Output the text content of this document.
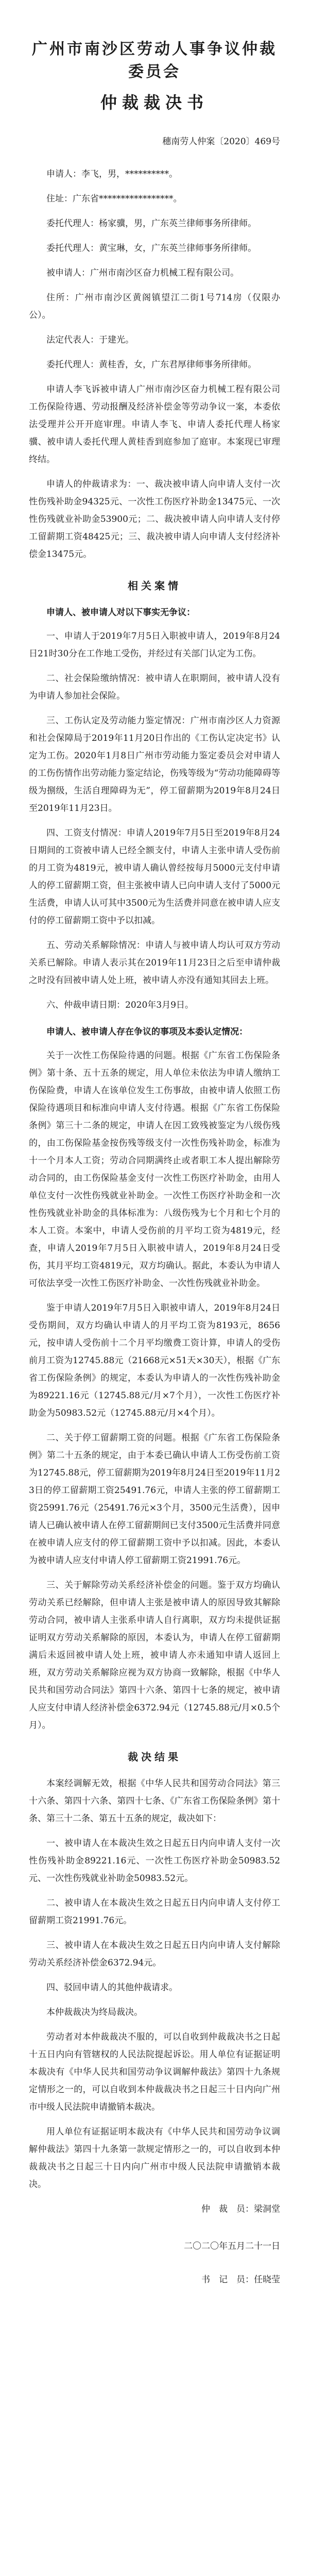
广州市南沙区劳动人事争议仲裁委员会
仲裁裁决书
穗南劳人仲案〔2020〕469号

申请人：李飞，男，**********。

住址：广东省*****************。

委托代理人：杨家骥，男，广东英兰律师事务所律师。

委托代理人：黄宝琳，女，广东英兰律师事务所律师。

被申请人：广州市南沙区奋力机械工程有限公司。

住所：广州市南沙区黄阁镇望江二街1号714房（仅限办公）。

法定代表人：于建光。

委托代理人：黄桂香，女，广东君厚律师事务所律师。

申请人李飞诉被申请人广州市南沙区奋力机械工程有限公司工伤保险待遇、劳动报酬及经济补偿金等劳动争议一案，本委依法受理并公开开庭审理。申请人李飞、申请人委托代理人杨家骥、被申请人委托代理人黄桂香到庭参加了庭审。本案现已审理终结。

申请人的仲裁请求为：一、裁决被申请人向申请人支付一次性伤残补助金94325元、一次性工伤医疗补助金13475元、一次性伤残就业补助金53900元；二、裁决被申请人向申请人支付停工留薪期工资48425元；三、裁决被申请人向申请人支付经济补偿金13475元。

相关案情
申请人、被申请人对以下事实无争议：

一、申请人于2019年7月5日入职被申请人，2019年8月24日21时30分在工作地工受伤，并经过有关部门认定为工伤。

二、社会保险缴纳情况：被申请人在职期间，被申请人没有为申请人参加社会保险。

三、工伤认定及劳动能力鉴定情况：广州市南沙区人力资源和社会保障局于2019年11月20日作出的《工伤认定决定书》认定为工伤。2020年1月8日广州市劳动能力鉴定委员会对申请人的工伤伤情作出劳动能力鉴定结论，伤残等级为“劳动功能障碍等级为捌级，生活自理障碍为无”，停工留薪期为2019年8月24日至2019年11月23日。

四、工资支付情况：申请人2019年7月5日至2019年8月24日期间的工资被申请人已经全额支付，申请人主张申请人受伤前的月工资为4819元，被申请人确认曾经按每月5000元支付申请人的停工留薪期工资，但主张被申请人已向申请人支付了5000元生活费，申请人认可其中3500元为生活费并同意在被申请人应支付的停工留薪期工资中予以扣减。

五、劳动关系解除情况：申请人与被申请人均认可双方劳动关系已解除。申请人表示其在2019年11月23日之后至申请仲裁之时没有回被申请人处上班，被申请人亦没有通知其回去上班。

六、仲裁申请日期：2020年3月9日。

申请人、被申请人存在争议的事项及本委认定情况：

关于一次性工伤保险待遇的问题。根据《广东省工伤保险条例》第十条、五十五条的规定，用人单位未依法为申请人缴纳工伤保险费，申请人在该单位发生工伤事故，由被申请人依照工伤保险待遇项目和标准向申请人支付待遇。根据《广东省工伤保险条例》第三十二条的规定，申请人在因工致残被鉴定为八级伤残的，由工伤保险基金按伤残等级支付一次性伤残补助金，标准为十一个月本人工资；劳动合同期满终止或者职工本人提出解除劳动合同的，由工伤保险基金支付一次性工伤医疗补助金，由用人单位支付一次性伤残就业补助金。一次性工伤医疗补助金和一次性伤残就业补助金的具体标准为：八级伤残为七个月和七个月的本人工资。本案中，申请人受伤前的月平均工资为4819元，经查，申请人2019年7月5日入职被申请人，2019年8月24日受伤，其月平均工资4819元，双方均确认。据此，本委认为申请人可依法享受一次性工伤医疗补助金、一次性伤残就业补助金。

鉴于申请人2019年7月5日入职被申请人，2019年8月24日受伤期间，双方均确认申请人的月平均工资为8193元，8656元，按申请人受伤前十二个月平均缴费工资计算，申请人的受伤前月工资为12745.88元（21668元×51天×30天），根据《广东省工伤保险条例》的规定，本委认为申请人的一次性伤残补助金为89221.16元（12745.88元/月×7个月），一次性工伤医疗补助金为50983.52元（12745.88元/月×4个月）。

二、关于停工留薪期工资的问题。根据《广东省工伤保险条例》第二十五条的规定，由于本委已确认申请人工伤受伤前工资为12745.88元，停工留薪期为2019年8月24日至2019年11月23日的停工留薪期工资25491.76元，申请人主张的停工留薪期工资25991.76元（25491.76元×3个月，3500元生活费），因申请人已确认被申请人在停工留薪期间已支付3500元生活费并同意在被申请人应支付的停工留薪期工资中予以扣减。因此，本委认为被申请人应支付申请人停工留薪期工资21991.76元。

三、关于解除劳动关系经济补偿金的问题。鉴于双方均确认劳动关系已经解除，但申请人主张是被申请人的原因导致其解除劳动合同，被申请人主张系申请人自行离职，双方均未提供证据证明双方劳动关系解除的原因，本委认为，申请人在停工留薪期满后未返回被申请人处上班，被申请人亦未通知申请人返回上班，双方劳动关系解除应视为双方协商一致解除，根据《中华人民共和国劳动合同法》第四十六条、第四十七条的规定，被申请人应支付申请人经济补偿金6372.94元（12745.88元/月×0.5个月）。

裁决结果

本案经调解无效，根据《中华人民共和国劳动合同法》第三十六条、第四十六条、第四十七条、《广东省工伤保险条例》第十条、第三十二条、第五十五条的规定，裁决如下：

一、被申请人在本裁决生效之日起五日内向申请人支付一次性伤残补助金89221.16元、一次性工伤医疗补助金50983.52元、一次性伤残就业补助金50983.52元。

二、被申请人在本裁决生效之日起五日内向申请人支付停工留薪期工资21991.76元。

三、被申请人在本裁决生效之日起五日内向申请人支付解除劳动关系经济补偿金6372.94元。

四、驳回申请人的其他仲裁请求。

本仲裁裁决为终局裁决。

劳动者对本仲裁裁决不服的，可以自收到仲裁裁决书之日起十五日内向有管辖权的人民法院提起诉讼。用人单位有证据证明本裁决有《中华人民共和国劳动争议调解仲裁法》第四十九条规定情形之一的，可以自收到本仲裁裁决书之日起三十日内向广州市中级人民法院申请撤销本裁决。

用人单位有证据证明本裁决有《中华人民共和国劳动争议调解仲裁法》第四十九条第一款规定情形之一的，可以自收到本仲裁裁决书之日起三十日内向广州市中级人民法院申请撤销本裁决。

仲　裁　员：梁洞堂

二〇二〇年五月二十一日

书　记　员：任晓莹
